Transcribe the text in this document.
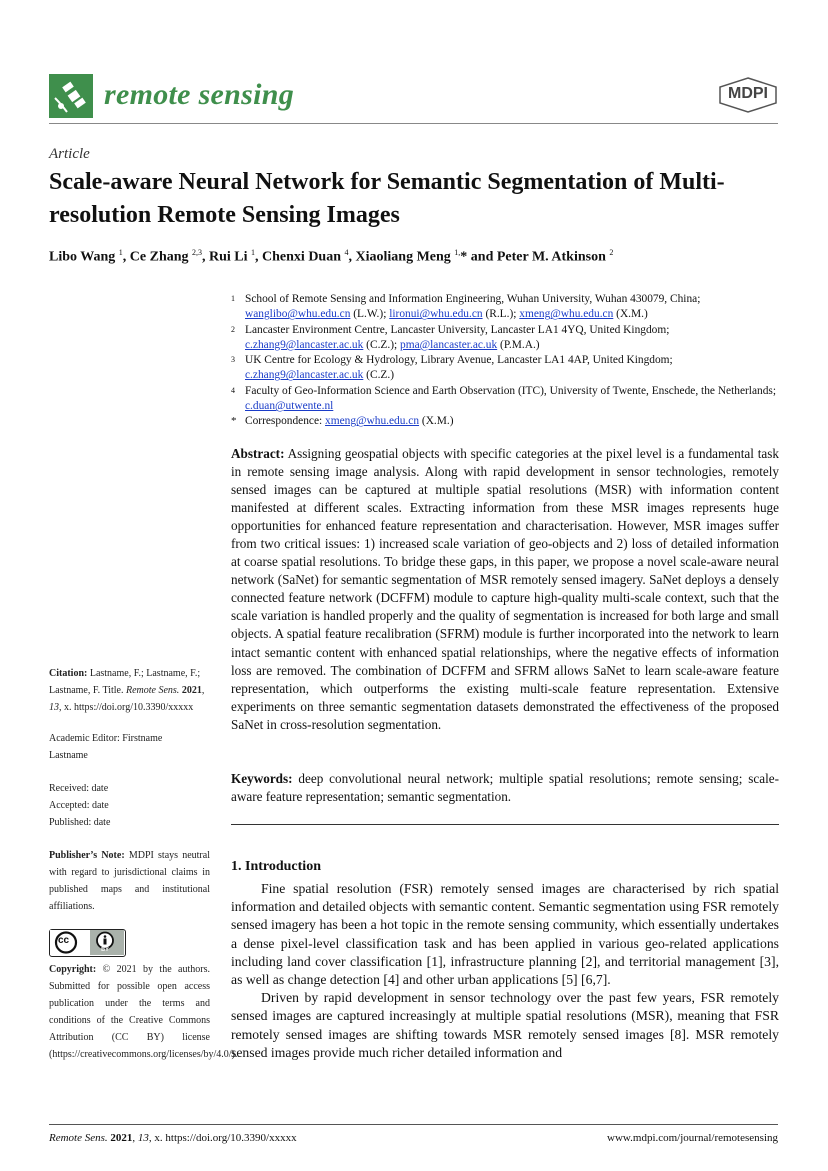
remote sensing	MDPI
Article
Scale-aware Neural Network for Semantic Segmentation of Multi-resolution Remote Sensing Images
Libo Wang $^1$, Ce Zhang $^{2,3}$, Rui Li $^1$, Chenxi Duan $^4$, Xiaoliang Meng $^{1,}$* and Peter M. Atkinson $^2$
1 School of Remote Sensing and Information Engineering, Wuhan University, Wuhan 430079, China;
wanglibo@whu.edu.cn (L.W.); lironui@whu.edu.cn (R.L.); xmeng@whu.edu.cn (X.M.)
2 Lancaster Environment Centre, Lancaster University, Lancaster LA1 4YQ, United Kingdom;
c.zhang9@lancaster.ac.uk (C.Z.); pma@lancaster.ac.uk (P.M.A.)
3 UK Centre for Ecology & Hydrology, Library Avenue, Lancaster LA1 4AP, United Kingdom;
c.zhang9@lancaster.ac.uk (C.Z.)
4 Faculty of Geo-Information Science and Earth Observation (ITC), University of Twente, Enschede, the Netherlands; c.duan@utwente.nl
* Correspondence: xmeng@whu.edu.cn (X.M.)
Abstract: Assigning geospatial objects with specific categories at the pixel level is a fundamental task in remote sensing image analysis. Along with rapid development in sensor technologies, remotely sensed images can be captured at multiple spatial resolutions (MSR) with information content manifested at different scales. Extracting information from these MSR images represents huge opportunities for enhanced feature representation and characterisation. However, MSR images suffer from two critical issues: 1) increased scale variation of geo-objects and 2) loss of detailed information at coarse spatial resolutions. To bridge these gaps, in this paper, we propose a novel scale-aware neural network (SaNet) for semantic segmentation of MSR remotely sensed imagery. SaNet deploys a densely connected feature network (DCFFM) module to capture high-quality multi-scale context, such that the scale variation is handled properly and the quality of segmentation is increased for both large and small objects. A spatial feature recalibration (SFRM) module is further incorporated into the network to learn intact semantic content with enhanced spatial relationships, where the negative effects of information loss are removed. The combination of DCFFM and SFRM allows SaNet to learn scale-aware feature representation, which outperforms the existing multi-scale feature representation. Extensive experiments on three semantic segmentation datasets demonstrated the effectiveness of the proposed SaNet in cross-resolution segmentation.
Keywords: deep convolutional neural network; multiple spatial resolutions; remote sensing; scale-aware feature representation; semantic segmentation.
Citation: Lastname, F.; Lastname, F.; Lastname, F. Title. Remote Sens. 2021, 13, x. https://doi.org/10.3390/xxxxx
Academic Editor: Firstname Lastname
Received: date
Accepted: date
Published: date
Publisher’s Note: MDPI stays neutral with regard to jurisdictional claims in published maps and institutional affiliations.
cc
BY
Copyright: © 2021 by the authors. Submitted for possible open access publication under the terms and conditions of the Creative Commons Attribution (CC BY) license (https://creativecommons.org/licenses/by/4.0/).
1. Introduction

Fine spatial resolution (FSR) remotely sensed images are characterised by rich spatial information and detailed objects with semantic content. Semantic segmentation using FSR remotely sensed imagery has been a hot topic in the remote sensing community, which essentially undertakes a dense pixel-level classification task and has been applied in various geo-related applications including land cover classification [1], infrastructure planning [2], and territorial management [3], as well as change detection [4] and other urban applications [5] [6,7].

Driven by rapid development in sensor technology over the past few years, FSR remotely sensed images are captured increasingly at multiple spatial resolutions (MSR), meaning that FSR remotely sensed images are shifting towards MSR remotely sensed images [8]. MSR remotely sensed images provide much richer detailed information and

Remote Sens. 2021, 13, x. https://doi.org/10.3390/xxxxx	www.mdpi.com/journal/remotesensing
